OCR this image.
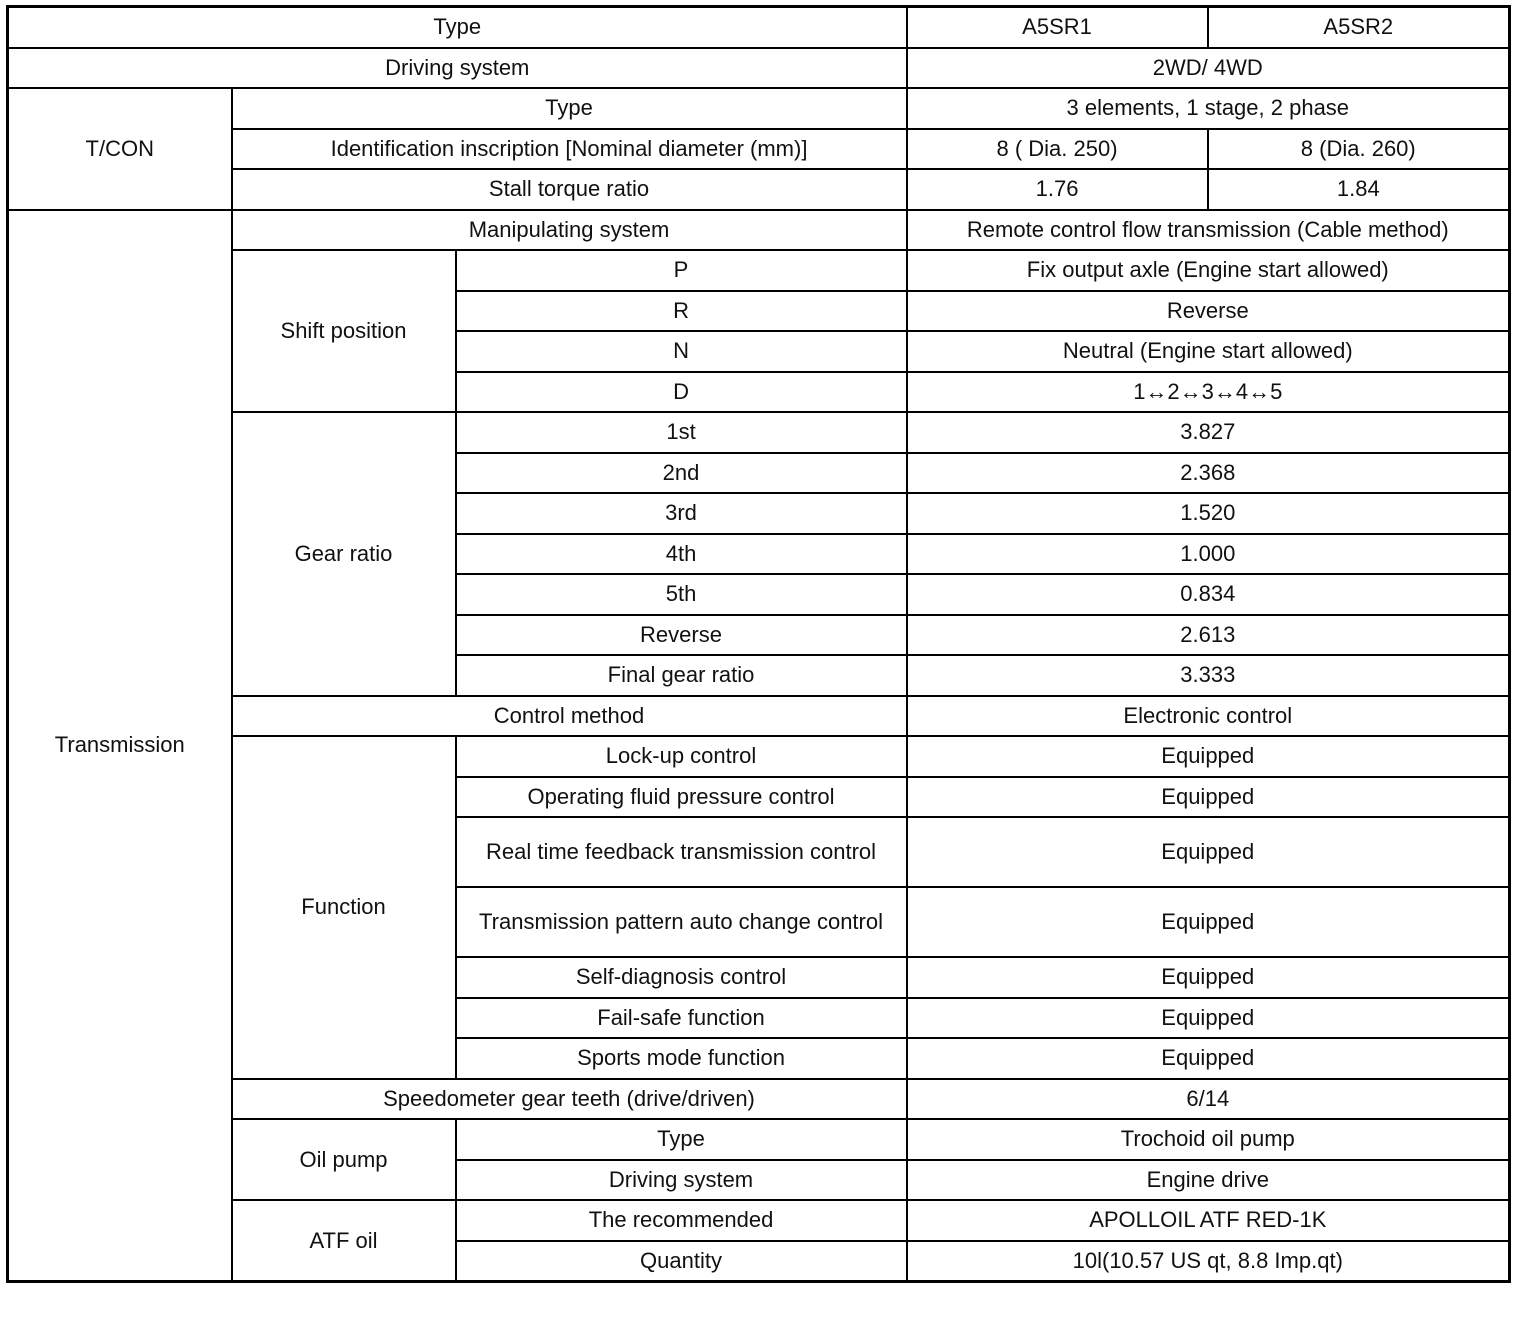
Type			A5SR1	A5SR2
Driving system			2WD/ 4WD	
T/CON	Type		3 elements, 1 stage, 2 phase	
	Identification inscription [Nominal diameter (mm)]		8 ( Dia. 250)	8 (Dia. 260)
	Stall torque ratio		1.76	1.84
Transmission	Manipulating system		Remote control flow transmission (Cable method)	
	Shift position	P	Fix output axle (Engine start allowed)	
		R	Reverse	
		N	Neutral (Engine start allowed)	
		D	1↔2↔3↔4↔5	
	Gear ratio	1st	3.827	
		2nd	2.368	
		3rd	1.520	
		4th	1.000	
		5th	0.834	
		Reverse	2.613	
		Final gear ratio	3.333	
	Control method		Electronic control	
	Function	Lock-up control	Equipped	
		Operating fluid pressure control	Equipped	
		Real time feedback transmission control	Equipped	
		Transmission pattern auto change control	Equipped	
		Self-diagnosis control	Equipped	
		Fail-safe function	Equipped	
		Sports mode function	Equipped	
	Speedometer gear teeth (drive/driven)		6/14	
	Oil pump	Type	Trochoid oil pump	
		Driving system	Engine drive	
	ATF oil	The recommended	APOLLOIL ATF RED-1K	
		Quantity	10l(10.57 US qt, 8.8 Imp.qt)	
